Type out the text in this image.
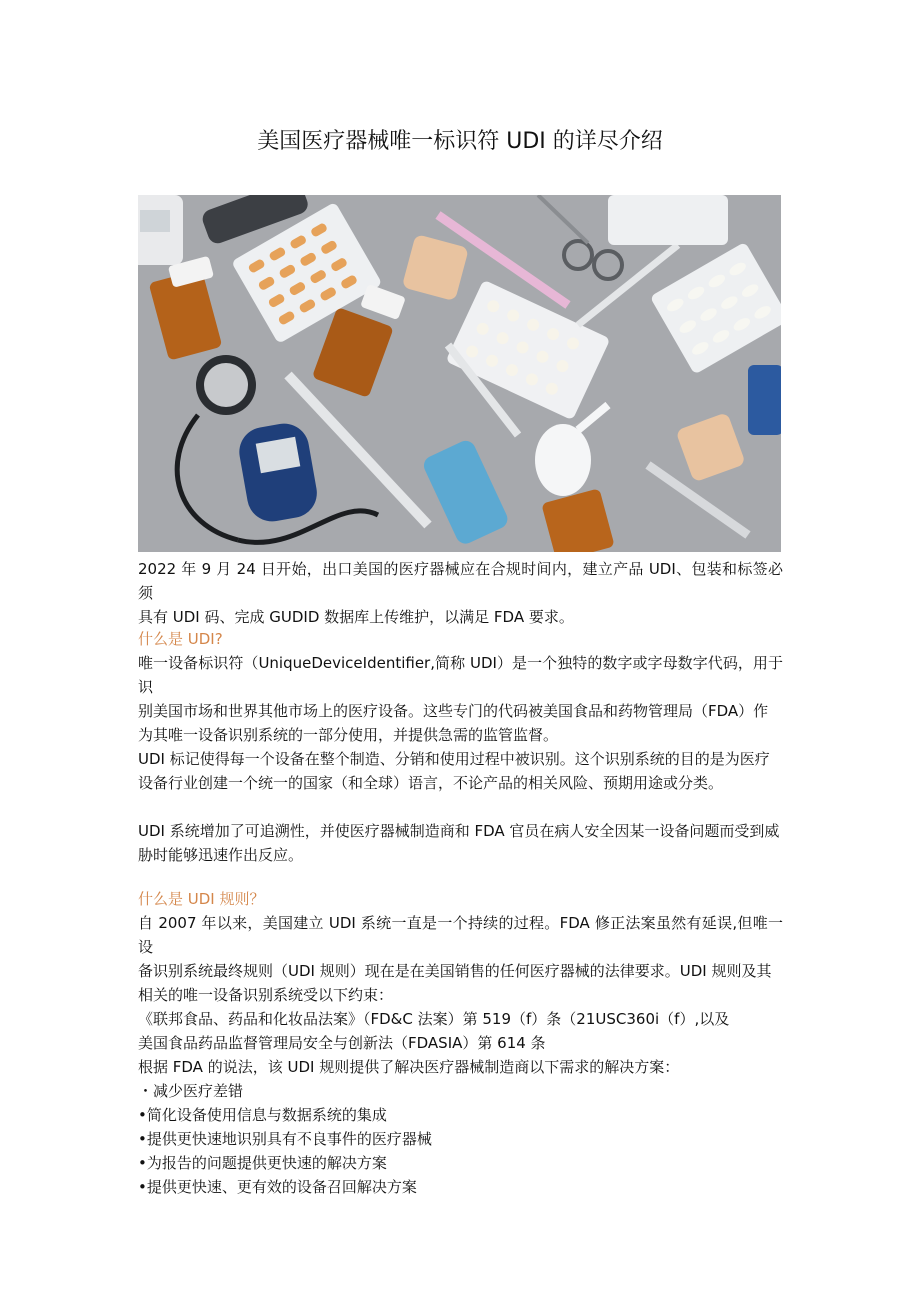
美国医疗器械唯一标识符 UDI 的详尽介绍

2022 年 9 月 24 日开始，出口美国的医疗器械应在合规时间内，建立产品 UDI、包装和标签必须

具有 UDI 码、完成 GUDID 数据库上传维护，以满足 FDA 要求。

什么是 UDI?

唯一设备标识符（UniqueDeviceIdentifier,简称 UDI）是一个独特的数字或字母数字代码，用于识

别美国市场和世界其他市场上的医疗设备。这些专门的代码被美国食品和药物管理局（FDA）作

为其唯一设备识别系统的一部分使用，并提供急需的监管监督。

UDI 标记使得每一个设备在整个制造、分销和使用过程中被识别。这个识别系统的目的是为医疗

设备行业创建一个统一的国家（和全球）语言，不论产品的相关风险、预期用途或分类。

UDI 系统增加了可追溯性，并使医疗器械制造商和 FDA 官员在病人安全因某一设备问题而受到威

胁时能够迅速作出反应。

什么是 UDI 规则？

自 2007 年以来，美国建立 UDI 系统一直是一个持续的过程。FDA 修正法案虽然有延误,但唯一设

备识别系统最终规则（UDI 规则）现在是在美国销售的任何医疗器械的法律要求。UDI 规则及其

相关的唯一设备识别系统受以下约束：

《联邦食品、药品和化妆品法案》（FD&C 法案）第 519（f）条（21USC360i（f）,以及

美国食品药品监督管理局安全与创新法（FDASIA）第 614 条

根据 FDA 的说法，该 UDI 规则提供了解决医疗器械制造商以下需求的解决方案：

・减少医疗差错

•简化设备使用信息与数据系统的集成

•提供更快速地识别具有不良事件的医疗器械

•为报告的问题提供更快速的解决方案

•提供更快速、更有效的设备召回解决方案
